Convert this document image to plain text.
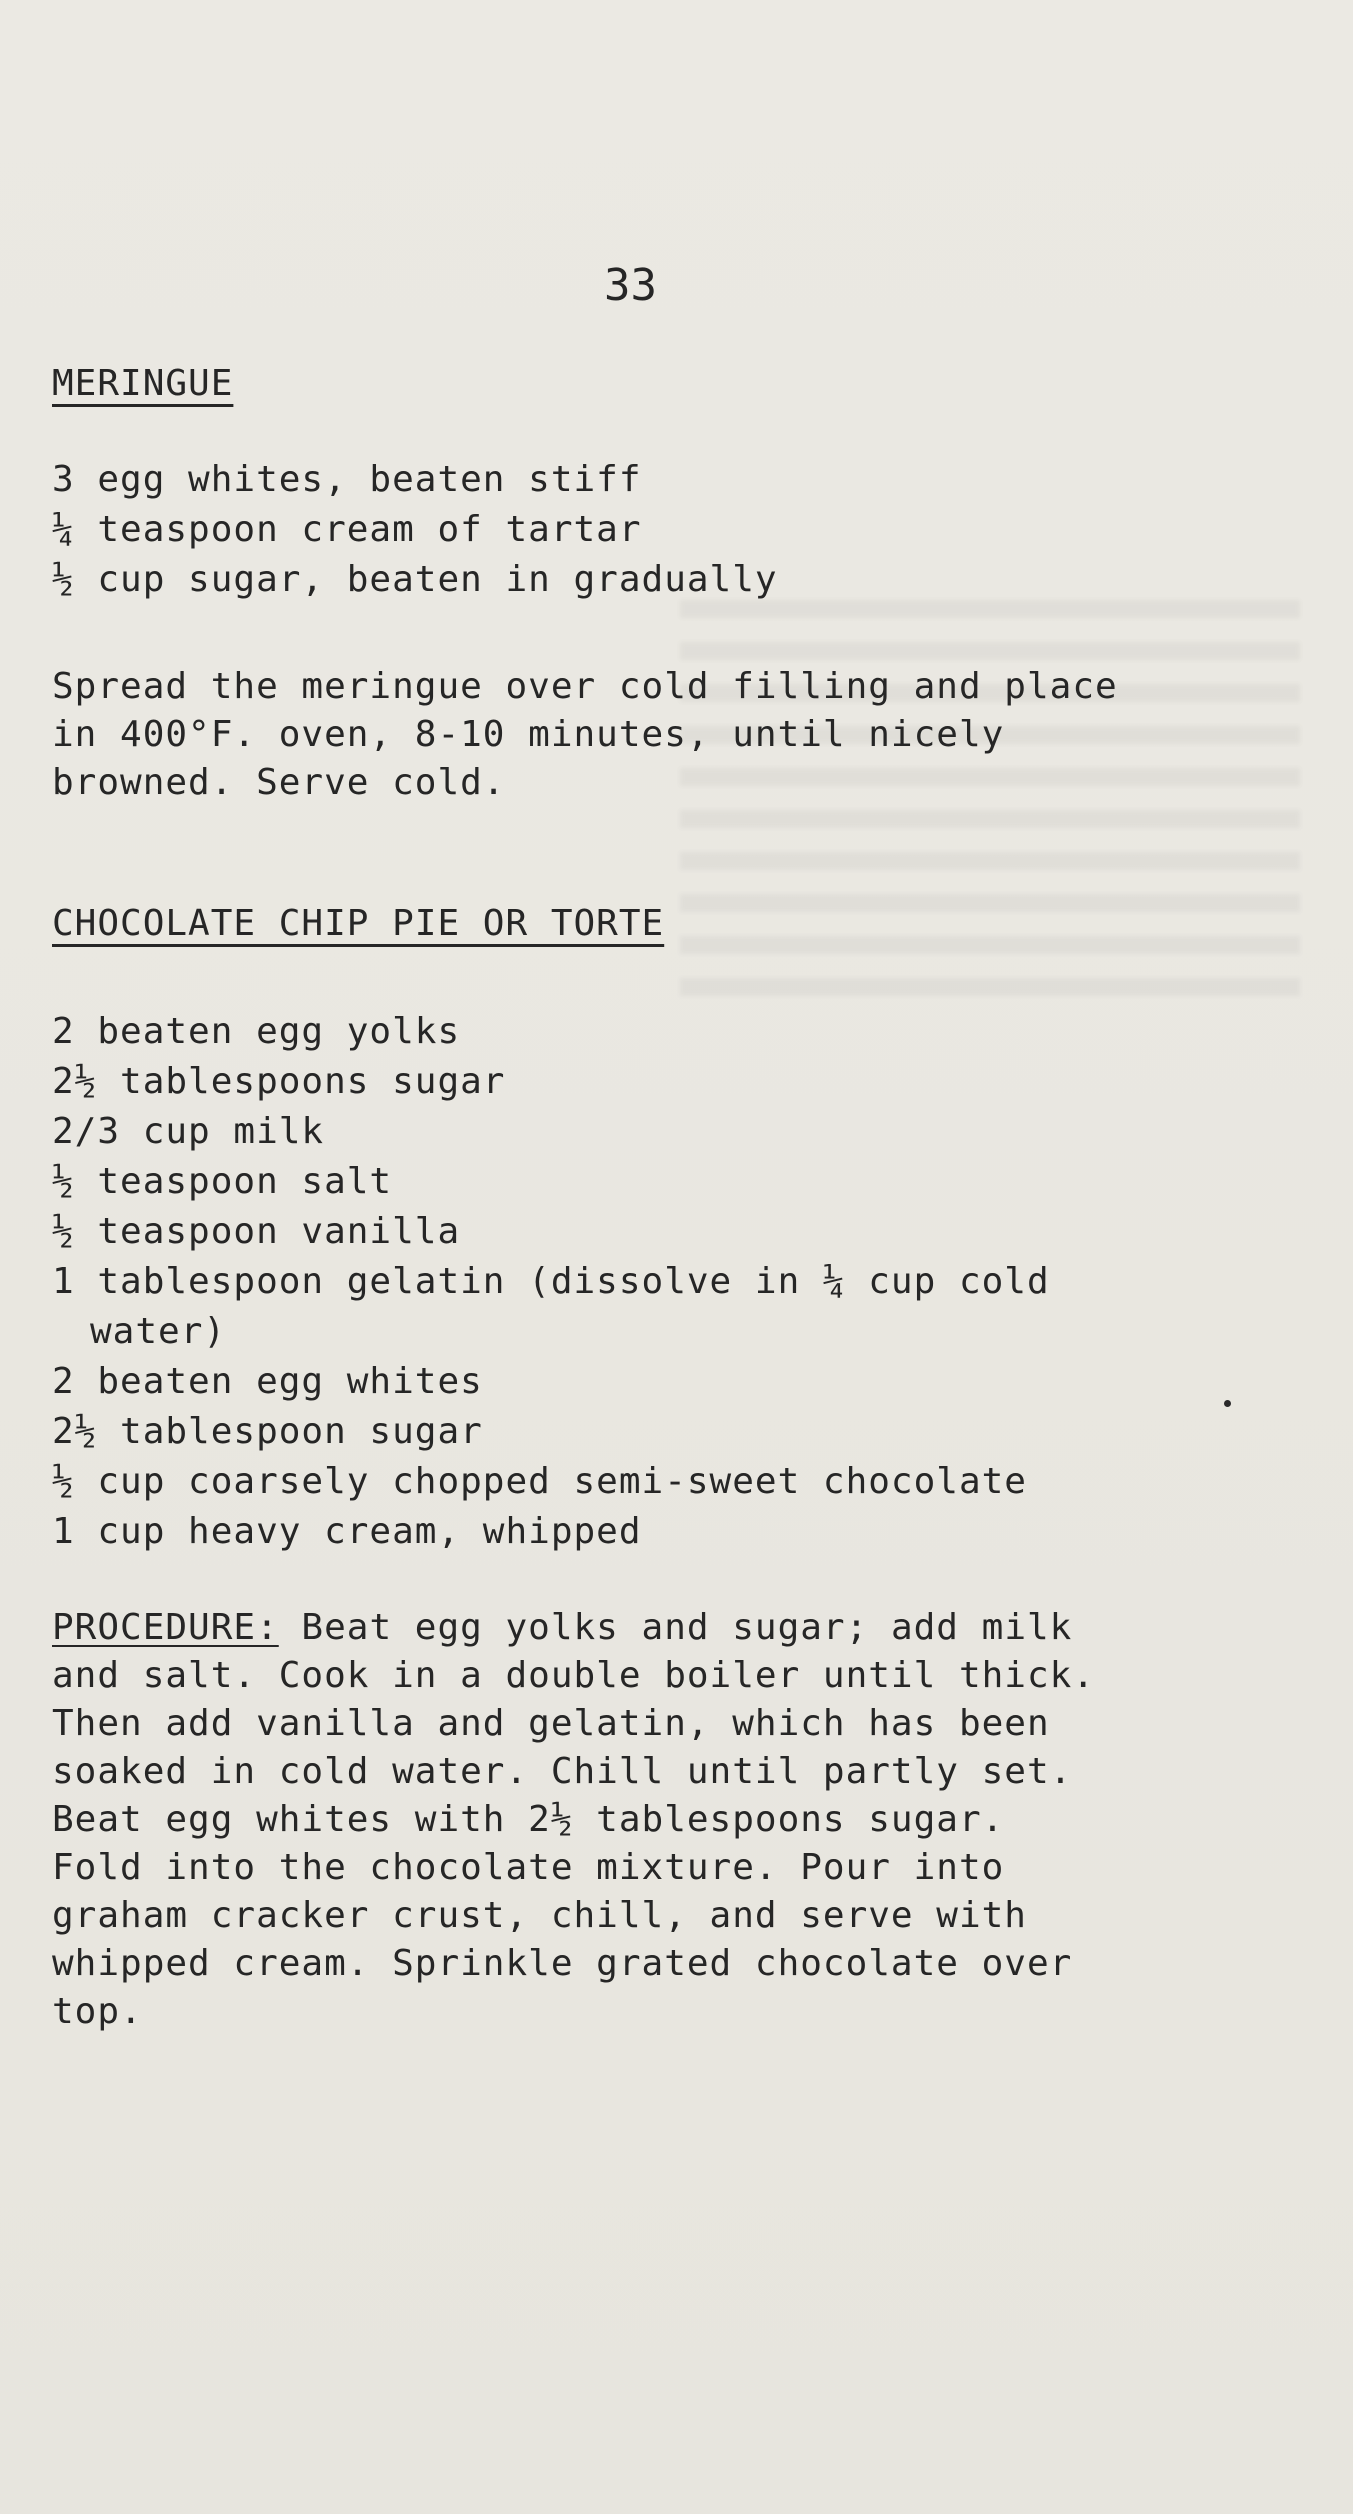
33
MERINGUE
3 egg whites, beaten stiff
¼ teaspoon cream of tartar
½ cup sugar, beaten in gradually

Spread the meringue over cold filling and place
in 400°F. oven, 8-10 minutes, until nicely
browned. Serve cold.

CHOCOLATE CHIP PIE OR TORTE
2 beaten egg yolks
2½ tablespoons sugar
2/3 cup milk
½ teaspoon salt
½ teaspoon vanilla
1 tablespoon gelatin (dissolve in ¼ cup cold
water)
2 beaten egg whites
2½ tablespoon sugar
½ cup coarsely chopped semi-sweet chocolate
1 cup heavy cream, whipped

PROCEDURE: Beat egg yolks and sugar; add milk
and salt. Cook in a double boiler until thick.
Then add vanilla and gelatin, which has been
soaked in cold water. Chill until partly set.
Beat egg whites with 2½ tablespoons sugar.
Fold into the chocolate mixture. Pour into
graham cracker crust, chill, and serve with
whipped cream. Sprinkle grated chocolate over
top.
